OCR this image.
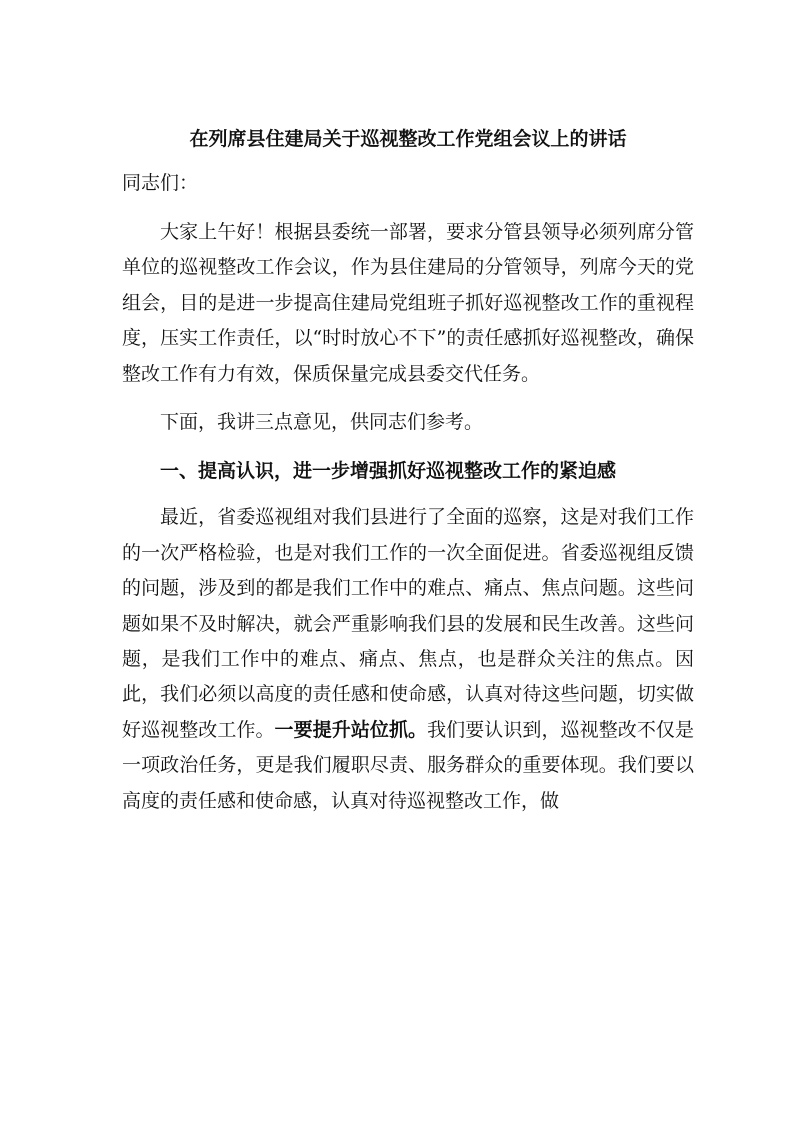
在列席县住建局关于巡视整改工作党组会议上的讲话
同志们：

大家上午好！根据县委统一部署，要求分管县领导必须列席分管单位的巡视整改工作会议，作为县住建局的分管领导，列席今天的党组会，目的是进一步提高住建局党组班子抓好巡视整改工作的重视程度，压实工作责任，以“时时放心不下”的责任感抓好巡视整改，确保整改工作有力有效，保质保量完成县委交代任务。

下面，我讲三点意见，供同志们参考。

一、提高认识，进一步增强抓好巡视整改工作的紧迫感

最近，省委巡视组对我们县进行了全面的巡察，这是对我们工作的一次严格检验，也是对我们工作的一次全面促进。省委巡视组反馈的问题，涉及到的都是我们工作中的难点、痛点、焦点问题。这些问题如果不及时解决，就会严重影响我们县的发展和民生改善。这些问题，是我们工作中的难点、痛点、焦点，也是群众关注的焦点。因此，我们必须以高度的责任感和使命感，认真对待这些问题，切实做好巡视整改工作。一要提升站位抓。我们要认识到，巡视整改不仅是一项政治任务，更是我们履职尽责、服务群众的重要体现。我们要以高度的责任感和使命感，认真对待巡视整改工作，做
